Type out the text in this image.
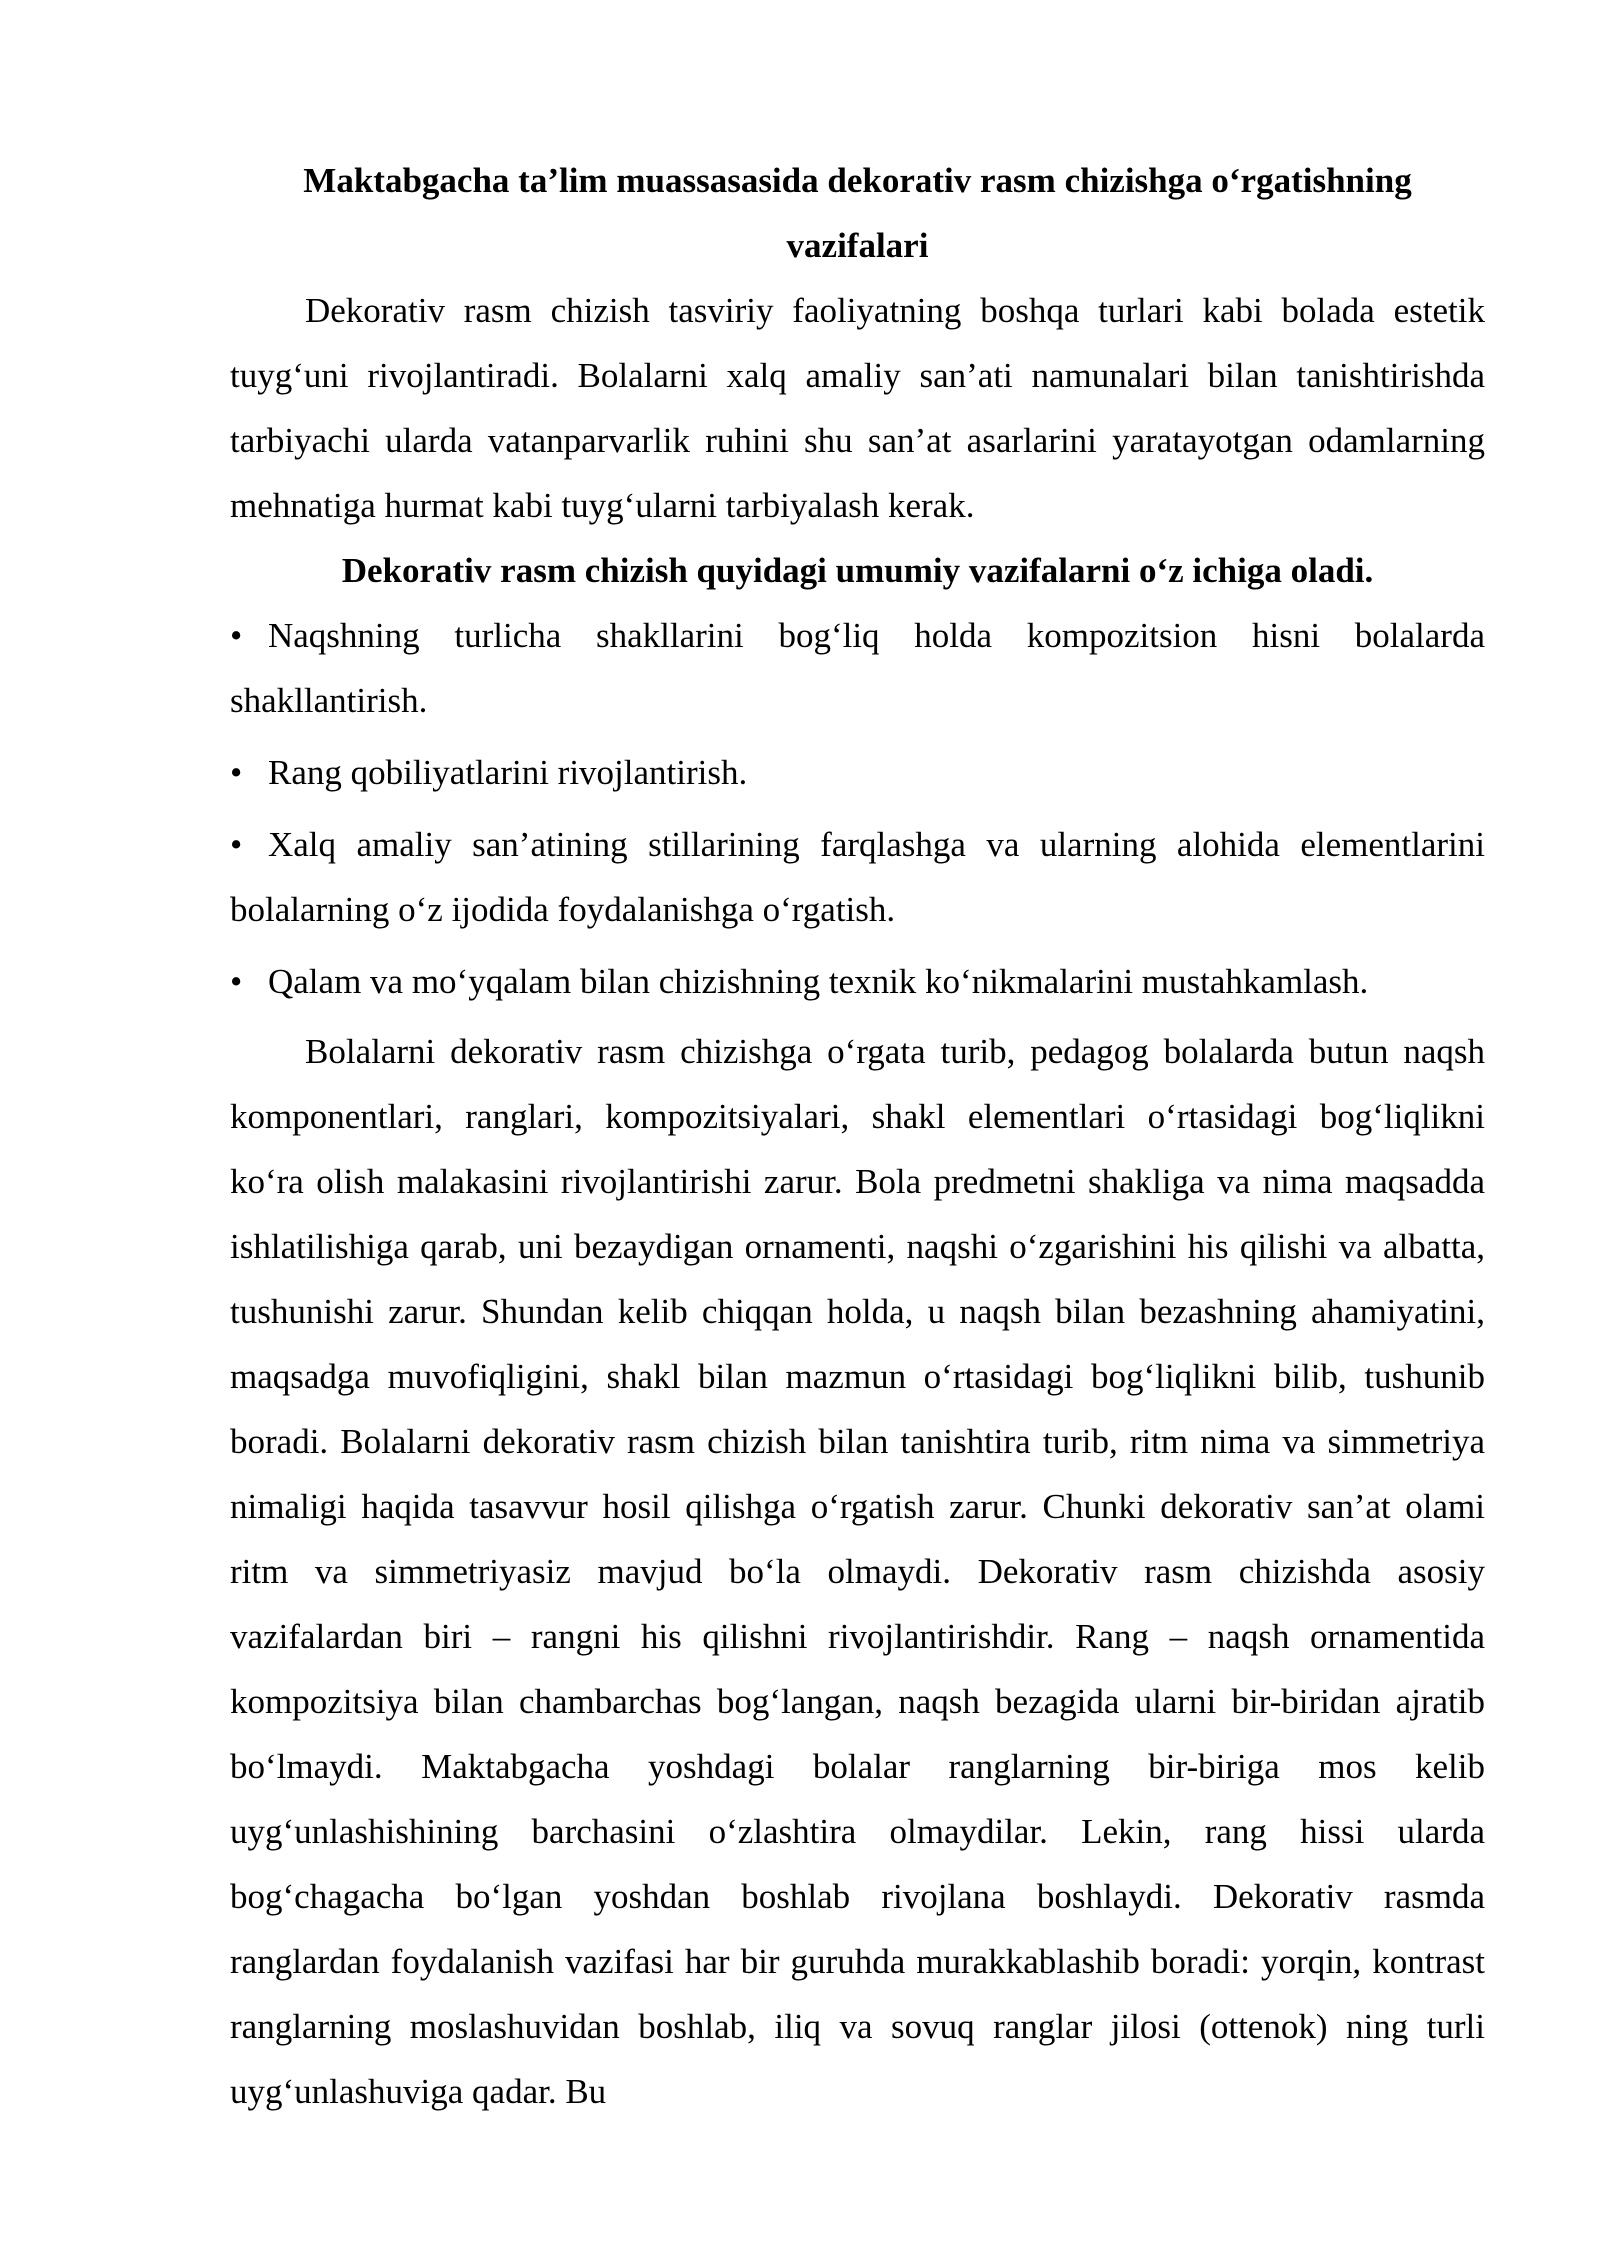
Maktabgacha ta’lim muassasasida dekorativ rasm chizishga o‘rgatishning vazifalari

Dekorativ rasm chizish tasviriy faoliyatning boshqa turlari kabi bolada estetik tuyg‘uni rivojlantiradi. Bolalarni xalq amaliy san’ati namunalari bilan tanishtirishda tarbiyachi ularda vatanparvarlik ruhini shu san’at asarlarini yaratayotgan odamlarning mehnatiga hurmat kabi tuyg‘ularni tarbiyalash kerak.

Dekorativ rasm chizish quyidagi umumiy vazifalarni o‘z ichiga oladi.

• Naqshning turlicha shakllarini bog‘liq holda kompozitsion hisni bolalarda shakllantirish.
• Rang qobiliyatlarini rivojlantirish.
• Xalq amaliy san’atining stillarining farqlashga va ularning alohida elementlarini bolalarning o‘z ijodida foydalanishga o‘rgatish.
• Qalam va mo‘yqalam bilan chizishning texnik ko‘nikmalarini mustahkamlash.

Bolalarni dekorativ rasm chizishga o‘rgata turib, pedagog bolalarda butun naqsh komponentlari, ranglari, kompozitsiyalari, shakl elementlari o‘rtasidagi bog‘liqlikni ko‘ra olish malakasini rivojlantirishi zarur. Bola predmetni shakliga va nima maqsadda ishlatilishiga qarab, uni bezaydigan ornamenti, naqshi o‘zgarishini his qilishi va albatta, tushunishi zarur. Shundan kelib chiqqan holda, u naqsh bilan bezashning ahamiyatini, maqsadga muvofiqligini, shakl bilan mazmun o‘rtasidagi bog‘liqlikni bilib, tushunib boradi. Bolalarni dekorativ rasm chizish bilan tanishtira turib, ritm nima va simmetriya nimaligi haqida tasavvur hosil qilishga o‘rgatish zarur. Chunki dekorativ san’at olami ritm va simmetriyasiz mavjud bo‘la olmaydi. Dekorativ rasm chizishda asosiy vazifalardan biri – rangni his qilishni rivojlantirishdir. Rang – naqsh ornamentida kompozitsiya bilan chambarchas bog‘langan, naqsh bezagida ularni bir-biridan ajratib bo‘lmaydi. Maktabgacha yoshdagi bolalar ranglarning bir-biriga mos kelib uyg‘unlashishining barchasini o‘zlashtira olmaydilar. Lekin, rang hissi ularda bog‘chagacha bo‘lgan yoshdan boshlab rivojlana boshlaydi. Dekorativ rasmda ranglardan foydalanish vazifasi har bir guruhda murakkablashib boradi: yorqin, kontrast ranglarning moslashuvidan boshlab, iliq va sovuq ranglar jilosi (ottenok) ning turli uyg‘unlashuviga qadar. Bu
